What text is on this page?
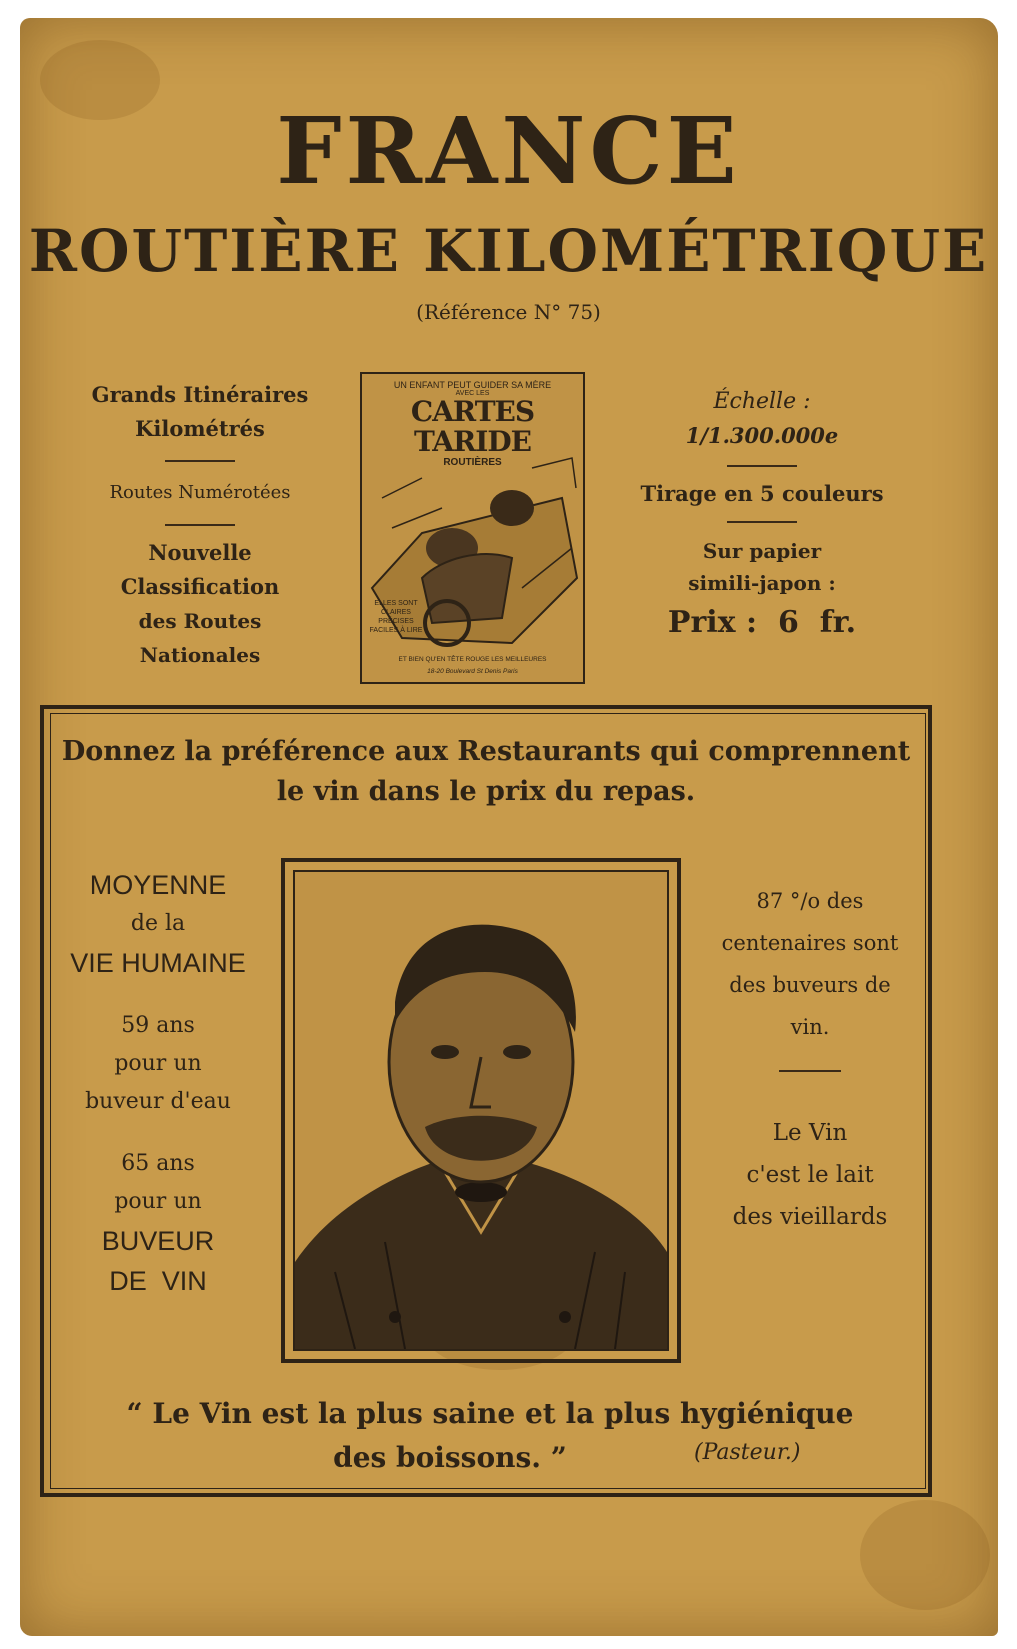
FRANCE
ROUTIÈRE KILOMÉTRIQUE
(Référence N° 75)
Grands Itinéraires
Kilométrés
Routes Numérotées
Nouvelle
Classification
des Routes Nationales
UN ENFANT PEUT GUIDER SA MÈRE
AVEC LES
CARTES TARIDE
ROUTIÈRES
ELLES SONT CLAIRES PRÉCISES FACILES À LIRE
ET BIEN QU'EN TÊTE ROUGE LES MEILLEURES
18-20 Boulevard St Denis Paris
Échelle :
1/1.300.000e
Tirage en 5 couleurs
Sur papier
simili-japon :
Prix :  6  fr.
Donnez la préférence aux Restaurants qui comprennent
le vin dans le prix du repas.
MOYENNE
de la
VIE HUMAINE
59 ans
pour un
buveur d'eau
65 ans
pour un
BUVEUR
DE  VIN
87 °/o des
centenaires sont
des buveurs de
vin.
Le Vin
c'est le lait
des vieillards
“ Le Vin est la plus saine et la plus hygiénique
des boissons. ”	(Pasteur.)
